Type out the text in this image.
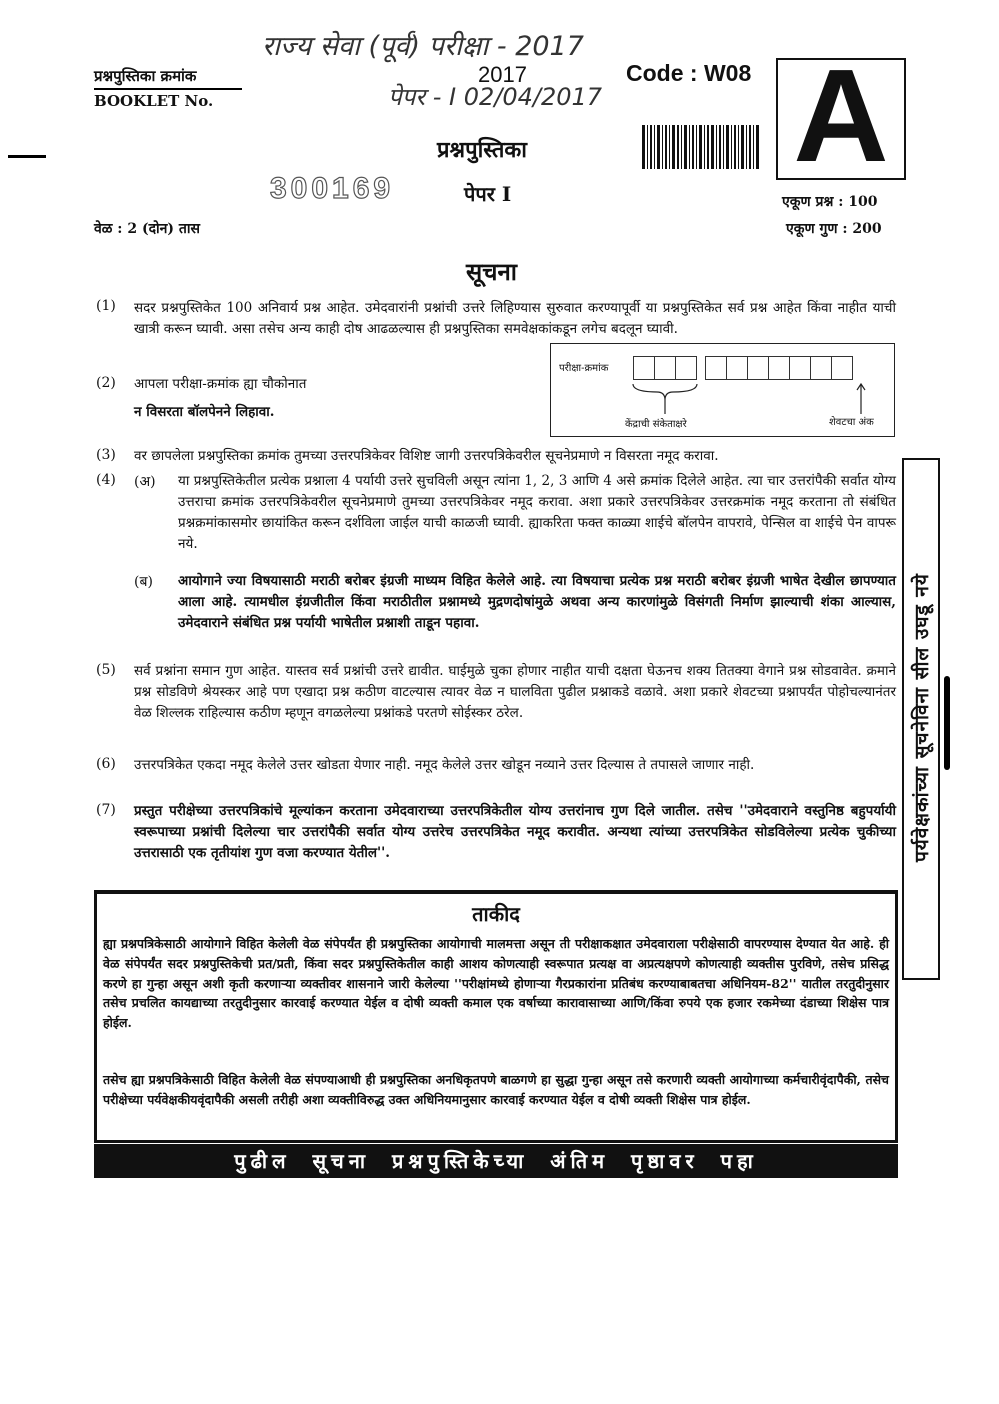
राज्य सेवा (पूर्व) परीक्षा - 2017
पेपर - I 02/04/2017
प्रश्नपुस्तिका क्रमांक
BOOKLET No.
2017	Code : W08 A
प्रश्नपुस्तिका
300169	पेपर I	एकूण प्रश्न : 100
वेळ : 2 (दोन) तास	एकूण गुण : 200
सूचना
(1) सदर प्रश्नपुस्तिकेत 100 अनिवार्य प्रश्न आहेत. उमेदवारांनी प्रश्नांची उत्तरे लिहिण्यास सुरुवात करण्यापूर्वी या प्रश्नपुस्तिकेत सर्व प्रश्न आहेत किंवा नाहीत याची खात्री करून घ्यावी. असा तसेच अन्य काही दोष आढळल्यास ही प्रश्नपुस्तिका समवेक्षकांकडून लगेच बदलून घ्यावी.
(2) आपला परीक्षा-क्रमांक ह्या चौकोनात
न विसरता बॉलपेनने लिहावा.
परीक्षा-क्रमांक
केंद्राची संकेताक्षरे	शेवटचा अंक
(3) वर छापलेला प्रश्नपुस्तिका क्रमांक तुमच्या उत्तरपत्रिकेवर विशिष्ट जागी उत्तरपत्रिकेवरील सूचनेप्रमाणे न विसरता नमूद करावा.
(4) (अ) या प्रश्नपुस्तिकेतील प्रत्येक प्रश्नाला 4 पर्यायी उत्तरे सुचविली असून त्यांना 1, 2, 3 आणि 4 असे क्रमांक दिलेले आहेत. त्या चार उत्तरांपैकी सर्वात योग्य उत्तराचा क्रमांक उत्तरपत्रिकेवरील सूचनेप्रमाणे तुमच्या उत्तरपत्रिकेवर नमूद करावा. अशा प्रकारे उत्तरपत्रिकेवर उत्तरक्रमांक नमूद करताना तो संबंधित प्रश्नक्रमांकासमोर छायांकित करून दर्शविला जाईल याची काळजी घ्यावी. ह्याकरिता फक्त काळ्या शाईचे बॉलपेन वापरावे, पेन्सिल वा शाईचे पेन वापरू नये.
(ब) आयोगाने ज्या विषयासाठी मराठी बरोबर इंग्रजी माध्यम विहित केलेले आहे. त्या विषयाचा प्रत्येक प्रश्न मराठी बरोबर इंग्रजी भाषेत देखील छापण्यात आला आहे. त्यामधील इंग्रजीतील किंवा मराठीतील प्रश्नामध्ये मुद्रणदोषांमुळे अथवा अन्य कारणांमुळे विसंगती निर्माण झाल्याची शंका आल्यास, उमेदवाराने संबंधित प्रश्न पर्यायी भाषेतील प्रश्नाशी ताडून पहावा.
(5) सर्व प्रश्नांना समान गुण आहेत. यास्तव सर्व प्रश्नांची उत्तरे द्यावीत. घाईमुळे चुका होणार नाहीत याची दक्षता घेऊनच शक्य तितक्या वेगाने प्रश्न सोडवावेत. क्रमाने प्रश्न सोडविणे श्रेयस्कर आहे पण एखादा प्रश्न कठीण वाटल्यास त्यावर वेळ न घालविता पुढील प्रश्नाकडे वळावे. अशा प्रकारे शेवटच्या प्रश्नापर्यंत पोहोचल्यानंतर वेळ शिल्लक राहिल्यास कठीण म्हणून वगळलेल्या प्रश्नांकडे परतणे सोईस्कर ठरेल.
(6) उत्तरपत्रिकेत एकदा नमूद केलेले उत्तर खोडता येणार नाही. नमूद केलेले उत्तर खोडून नव्याने उत्तर दिल्यास ते तपासले जाणार नाही.
(7) प्रस्तुत परीक्षेच्या उत्तरपत्रिकांचे मूल्यांकन करताना उमेदवाराच्या उत्तरपत्रिकेतील योग्य उत्तरांनाच गुण दिले जातील. तसेच ''उमेदवाराने वस्तुनिष्ठ बहुपर्यायी स्वरूपाच्या प्रश्नांची दिलेल्या चार उत्तरांपैकी सर्वात योग्य उत्तरेच उत्तरपत्रिकेत नमूद करावीत. अन्यथा त्यांच्या उत्तरपत्रिकेत सोडविलेल्या प्रत्येक चुकीच्या उत्तरासाठी एक तृतीयांश गुण वजा करण्यात येतील''.	पर्यवेक्षकांच्या सूचनेविना सील उघडू नये
ताकीद
ह्या प्रश्नपत्रिकेसाठी आयोगाने विहित केलेली वेळ संपेपर्यंत ही प्रश्नपुस्तिका आयोगाची मालमत्ता असून ती परीक्षाकक्षात उमेदवाराला परीक्षेसाठी वापरण्यास देण्यात येत आहे. ही वेळ संपेपर्यंत सदर प्रश्नपुस्तिकेची प्रत/प्रती, किंवा सदर प्रश्नपुस्तिकेतील काही आशय कोणत्याही स्वरूपात प्रत्यक्ष वा अप्रत्यक्षपणे कोणत्याही व्यक्तीस पुरविणे, तसेच प्रसिद्ध करणे हा गुन्हा असून अशी कृती करणाऱ्या व्यक्तीवर शासनाने जारी केलेल्या ''परीक्षांमध्ये होणाऱ्या गैरप्रकारांना प्रतिबंध करण्याबाबतचा अधिनियम-82'' यातील तरतुदीनुसार तसेच प्रचलित कायद्याच्या तरतुदीनुसार कारवाई करण्यात येईल व दोषी व्यक्ती कमाल एक वर्षाच्या कारावासाच्या आणि/किंवा रुपये एक हजार रकमेच्या दंडाच्या शिक्षेस पात्र होईल.
तसेच ह्या प्रश्नपत्रिकेसाठी विहित केलेली वेळ संपण्याआधी ही प्रश्नपुस्तिका अनधिकृतपणे बाळगणे हा सुद्धा गुन्हा असून तसे करणारी व्यक्ती आयोगाच्या कर्मचारीवृंदापैकी, तसेच परीक्षेच्या पर्यवेक्षकीयवृंदापैकी असली तरीही अशा व्यक्तीविरुद्ध उक्त अधिनियमानुसार कारवाई करण्यात येईल व दोषी व्यक्ती शिक्षेस पात्र होईल.
पुढील सूचना प्रश्नपुस्तिकेच्या अंतिम पृष्ठावर पहा
